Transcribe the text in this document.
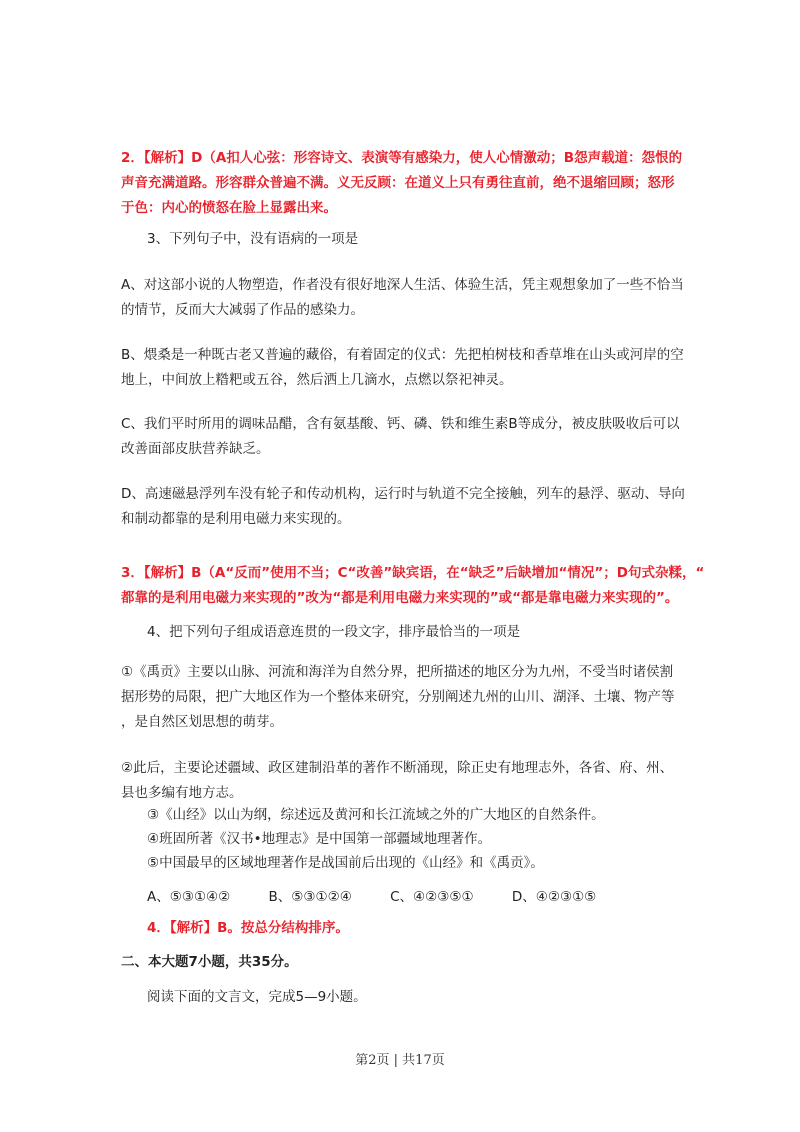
2．【解析】D（A扣人心弦：形容诗文、表演等有感染力，使人心情激动；B怨声载道：怨恨的
声音充满道路。形容群众普遍不满。义无反顾：在道义上只有勇往直前，绝不退缩回顾；怒形
于色：内心的愤怒在脸上显露出来。
3、下列句子中，没有语病的一项是
A、对这部小说的人物塑造，作者没有很好地深人生活、体验生活，凭主观想象加了一些不恰当
的情节，反而大大减弱了作品的感染力。
B、煨桑是一种既古老又普遍的藏俗，有着固定的仪式：先把柏树枝和香草堆在山头或河岸的空
地上，中间放上糌粑或五谷，然后洒上几滴水，点燃以祭祀神灵。
C、我们平时所用的调味品醋，含有氨基酸、钙、磷、铁和维生素B等成分，被皮肤吸收后可以
改善面部皮肤营养缺乏。
D、高速磁悬浮列车没有轮子和传动机构，运行时与轨道不完全接触，列车的悬浮、驱动、导向
和制动都靠的是利用电磁力来实现的。
3．【解析】B（A“反而”使用不当；C“改善”缺宾语，在“缺乏”后缺增加“情况”；D句式杂糅，“
都靠的是利用电磁力来实现的”改为“都是利用电磁力来实现的”或“都是靠电磁力来实现的”。
4、把下列句子组成语意连贯的一段文字，排序最恰当的一项是
①《禹贡》主要以山脉、河流和海洋为自然分界，把所描述的地区分为九州，不受当时诸侯割
据形势的局限，把广大地区作为一个整体来研究，分别阐述九州的山川、湖泽、土壤、物产等
，是自然区划思想的萌芽。
②此后，主要论述疆域、政区建制沿革的著作不断涌现，除正史有地理志外，各省、府、州、
县也多编有地方志。
③《山经》以山为纲，综述远及黄河和长江流域之外的广大地区的自然条件。
④班固所著《汉书•地理志》是中国第一部疆域地理著作。
⑤中国最早的区域地理著作是战国前后出现的《山经》和《禹贡》。
A、⑤③①④②	B、⑤③①②④	C、④②③⑤①	D、④②③①⑤
4．【解析】B。按总分结构排序。
二、本大题7小题，共35分。
阅读下面的文言文，完成5—9小题。
第2页 | 共17页
